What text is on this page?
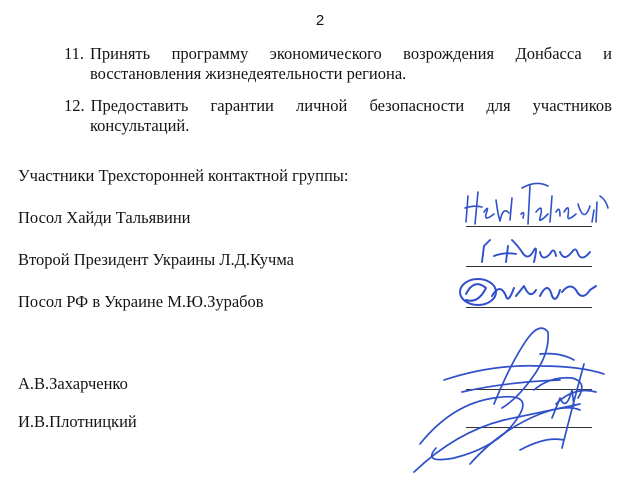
2
11. Принять программу экономического возрождения Донбасса и
восстановления жизнедеятельности региона.
12. Предоставить гарантии личной безопасности для участников
консультаций.
Участники Трехсторонней контактной группы:
Посол Хайди Тальявини
Второй Президент Украины Л.Д.Кучма
Посол РФ в Украине М.Ю.Зурабов
А.В.Захарченко
И.В.Плотницкий
